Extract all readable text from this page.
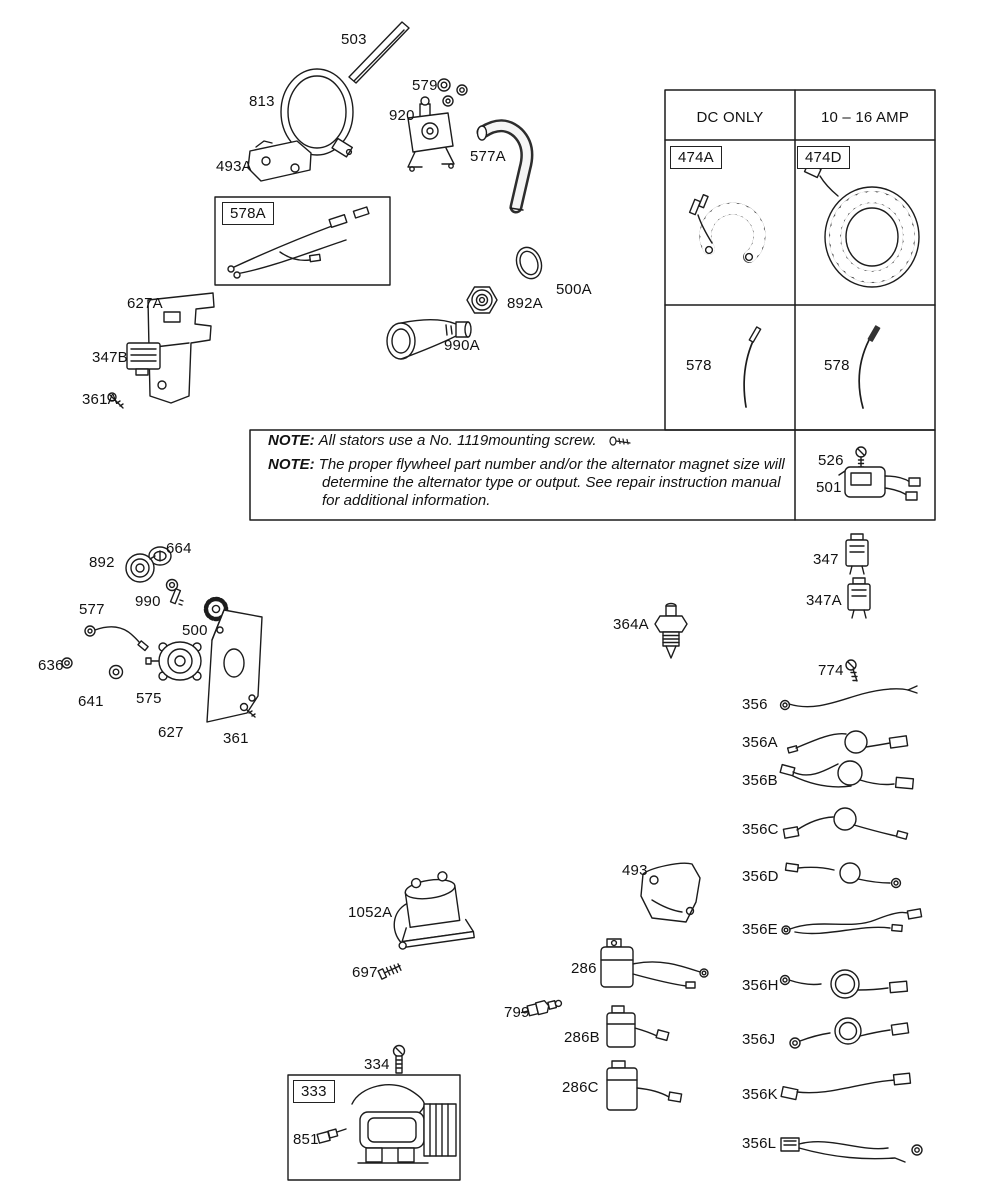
DC ONLY	10 – 16 AMP
474A	474D
578	578
526
501
NOTE: All stators use a No. 1119mounting screw.
NOTE: The proper flywheel part number and/or the alternator magnet size will determine the alternator type or output. See repair instruction manual for additional information.
503
813
579
920
577A
493A
578A
627A
347B
361A
892A
500A
990A
664
892
990
577
500
636
641 575
627	361
364A
347
347A
774
356
356A
356B
356C
356D
356E
356H
356J
356K
356L
1052A
697
799
493
286
286B
286C
334
333
851
